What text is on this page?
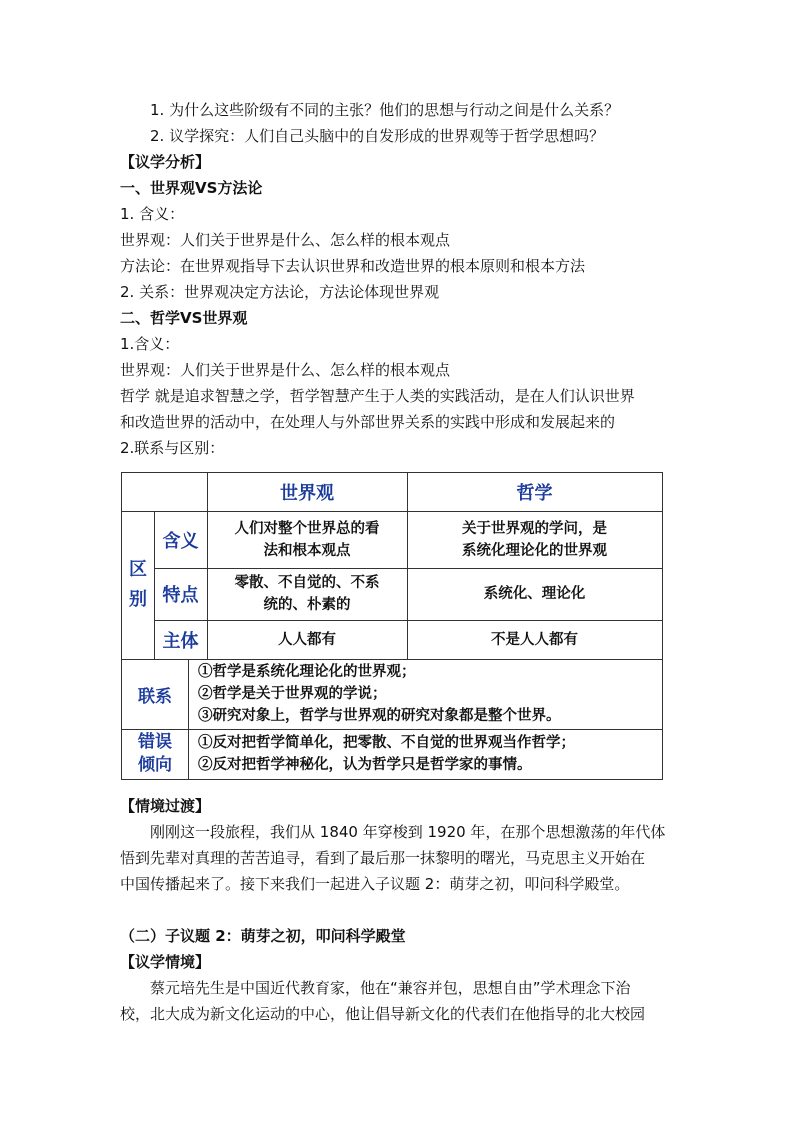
1. 为什么这些阶级有不同的主张？他们的思想与行动之间是什么关系？
2. 议学探究：人们自己头脑中的自发形成的世界观等于哲学思想吗？
【议学分析】
一、世界观VS方法论
1. 含义：
世界观：人们关于世界是什么、怎么样的根本观点
方法论：在世界观指导下去认识世界和改造世界的根本原则和根本方法
2. 关系：世界观决定方法论，方法论体现世界观
二、哲学VS世界观
1.含义：
世界观：人们关于世界是什么、怎么样的根本观点
哲学 就是追求智慧之学，哲学智慧产生于人类的实践活动，是在人们认识世界
和改造世界的活动中，在处理人与外部世界关系的实践中形成和发展起来的
2.联系与区别：
世界观	哲学
区
别
含义
特点
主体
人们对整个世界总的看
法和根本观点
关于世界观的学问，是
系统化理论化的世界观
零散、不自觉的、不系
统的、朴素的
系统化、理论化
人人都有	不是人人都有
联系
①哲学是系统化理论化的世界观；
②哲学是关于世界观的学说；
③研究对象上，哲学与世界观的研究对象都是整个世界。
错误
倾向
①反对把哲学简单化，把零散、不自觉的世界观当作哲学；
②反对把哲学神秘化，认为哲学只是哲学家的事情。
【情境过渡】
刚刚这一段旅程，我们从 1840 年穿梭到 1920 年，在那个思想激荡的年代体
悟到先辈对真理的苦苦追寻，看到了最后那一抹黎明的曙光，马克思主义开始在
中国传播起来了。接下来我们一起进入子议题 2：萌芽之初，叩问科学殿堂。
（二）子议题 2：萌芽之初，叩问科学殿堂
【议学情境】
蔡元培先生是中国近代教育家，他在“兼容并包，思想自由”学术理念下治
校，北大成为新文化运动的中心，他让倡导新文化的代表们在他指导的北大校园
